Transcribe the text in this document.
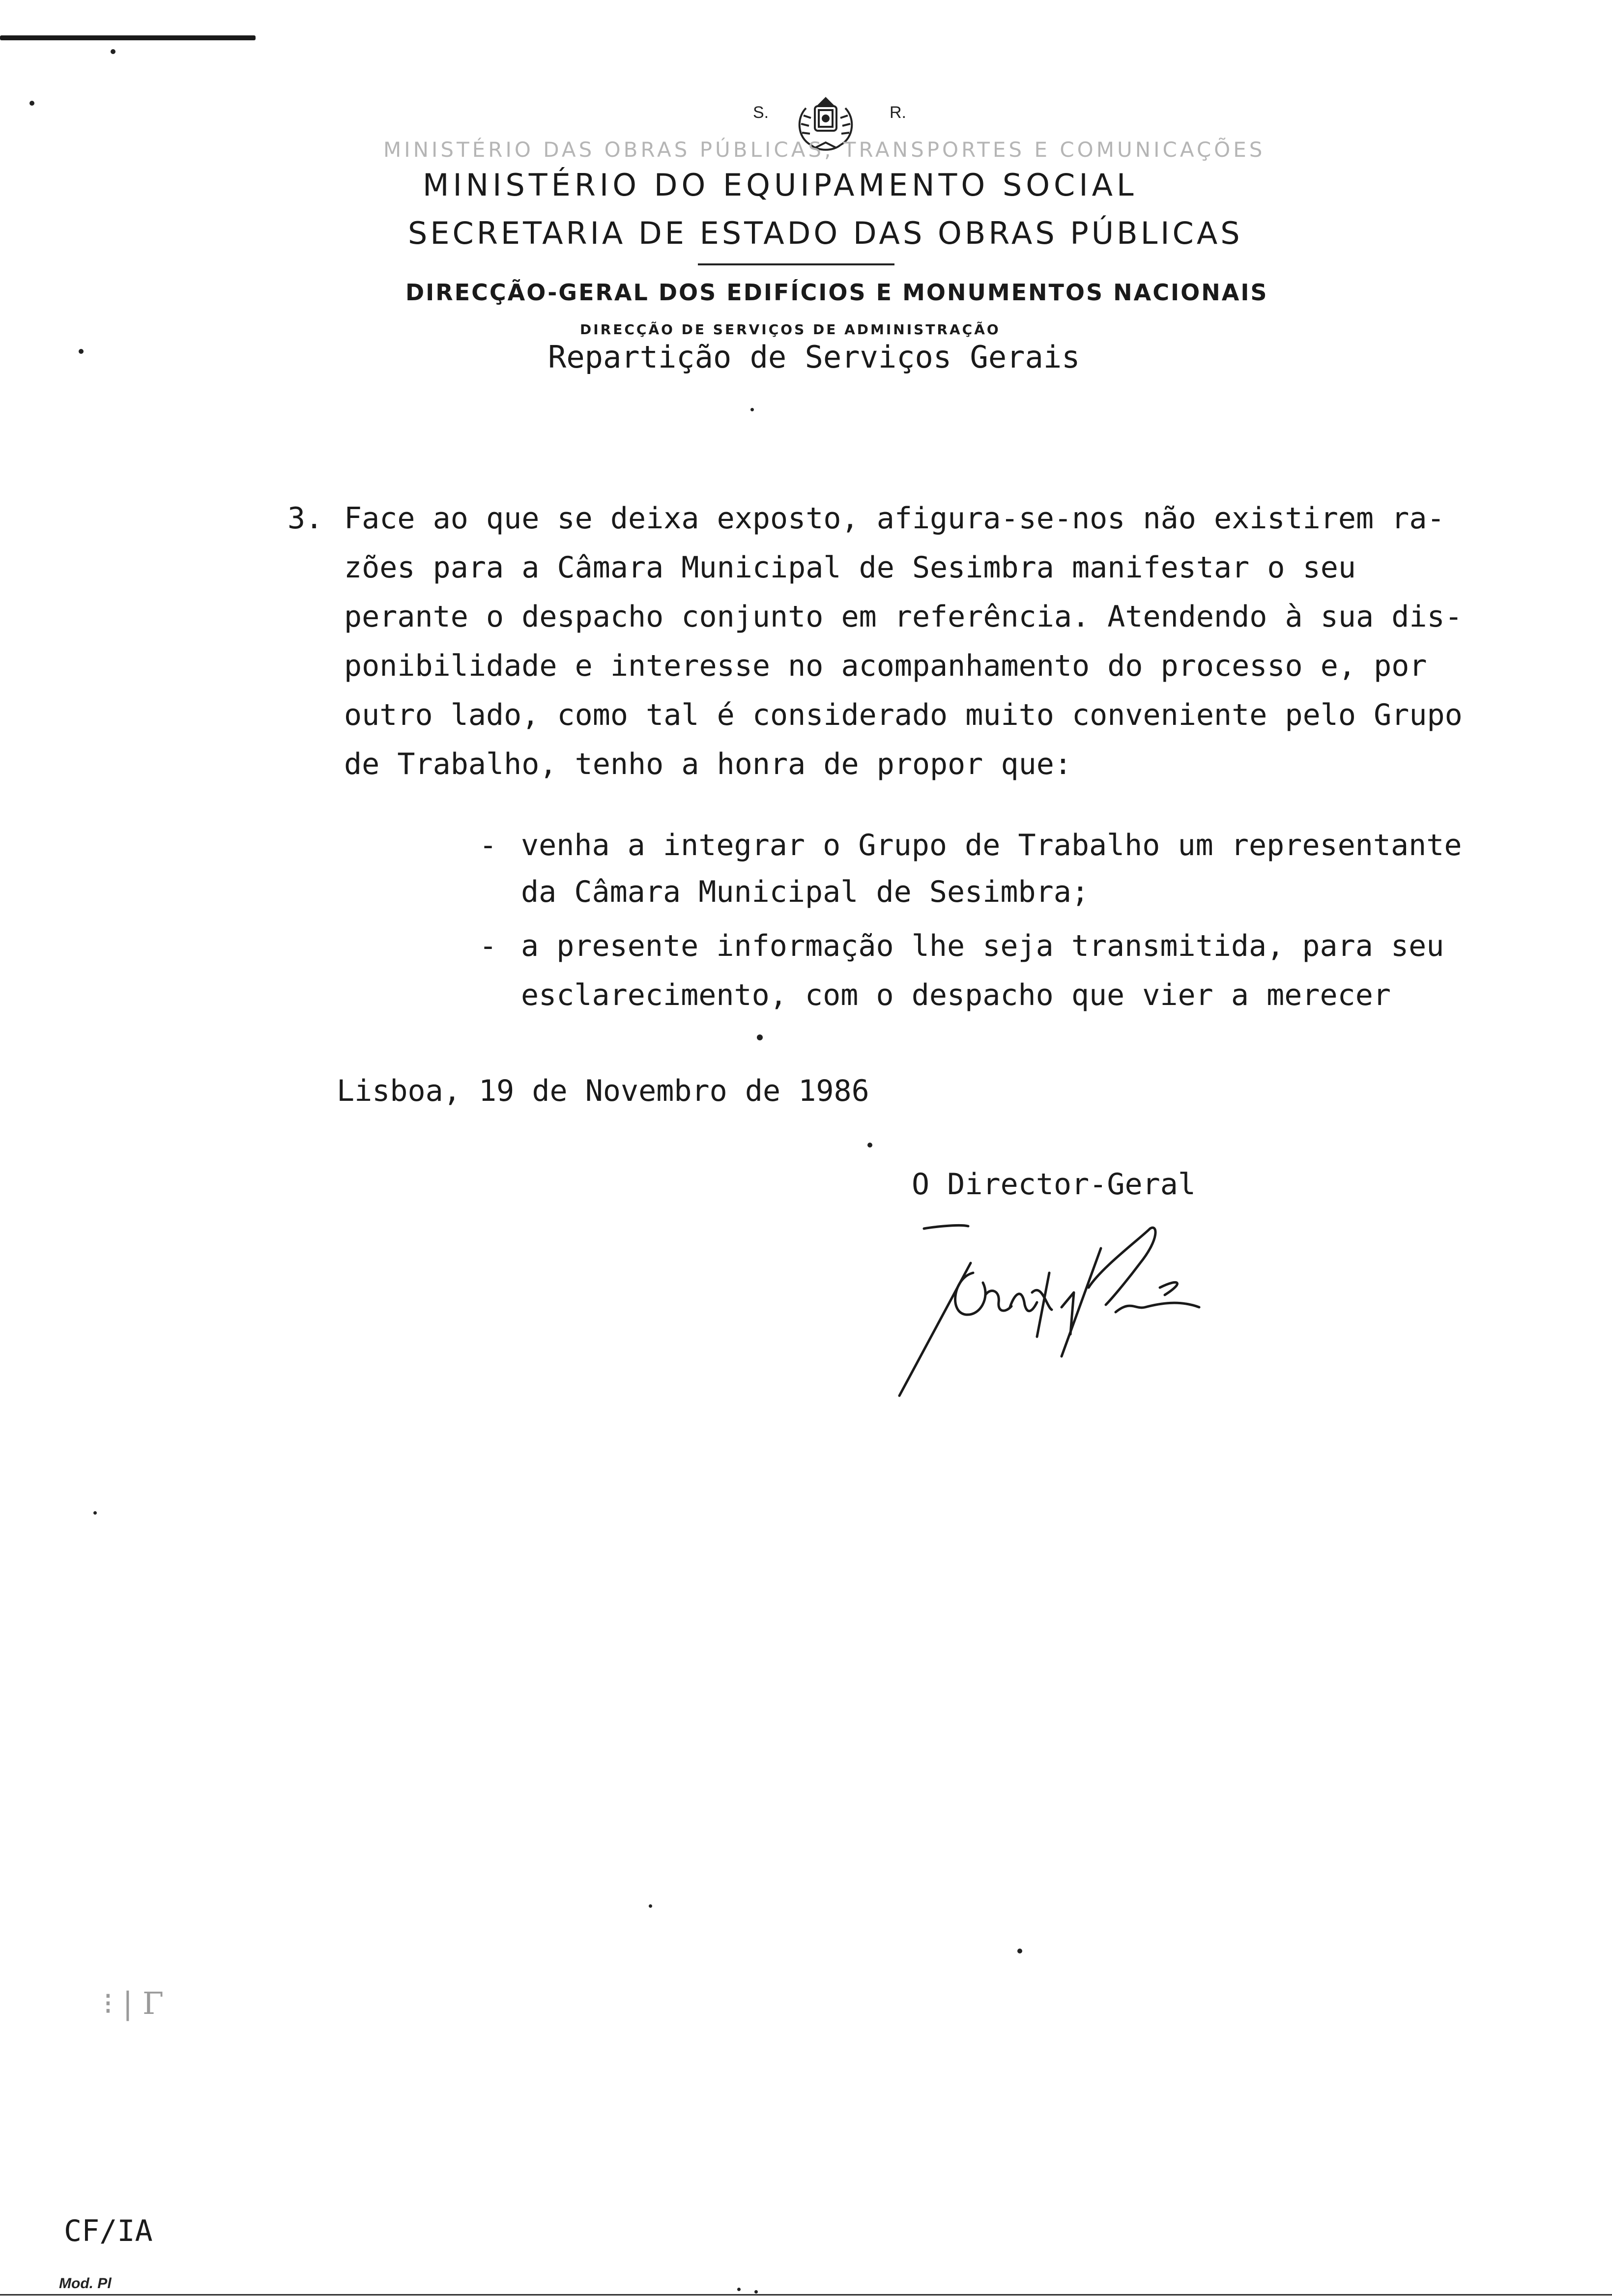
S.	R.
MINISTÉRIO DAS OBRAS PÚBLICAS, TRANSPORTES E COMUNICAÇÕES
MINISTÉRIO DO EQUIPAMENTO SOCIAL
SECRETARIA DE ESTADO DAS OBRAS PÚBLICAS
DIRECÇÃO-GERAL DOS EDIFÍCIOS E MONUMENTOS NACIONAIS
DIRECÇÃO DE SERVIÇOS DE ADMINISTRAÇÃO
Repartição de Serviços Gerais
3. Face ao que se deixa exposto, afigura-se-nos não existirem ra-
zões para a Câmara Municipal de Sesimbra manifestar o seu
perante o despacho conjunto em referência. Atendendo à sua dis-
ponibilidade e interesse no acompanhamento do processo e, por
outro lado, como tal é considerado muito conveniente pelo Grupo
de Trabalho, tenho a honra de propor que:
- venha a integrar o Grupo de Trabalho um representante
da Câmara Municipal de Sesimbra;
- a presente informação lhe seja transmitida, para seu
esclarecimento, com o despacho que vier a merecer
Lisboa, 19 de Novembro de 1986
O Director-Geral
⁝ | Γ
CF/IA
Mod. Pl
